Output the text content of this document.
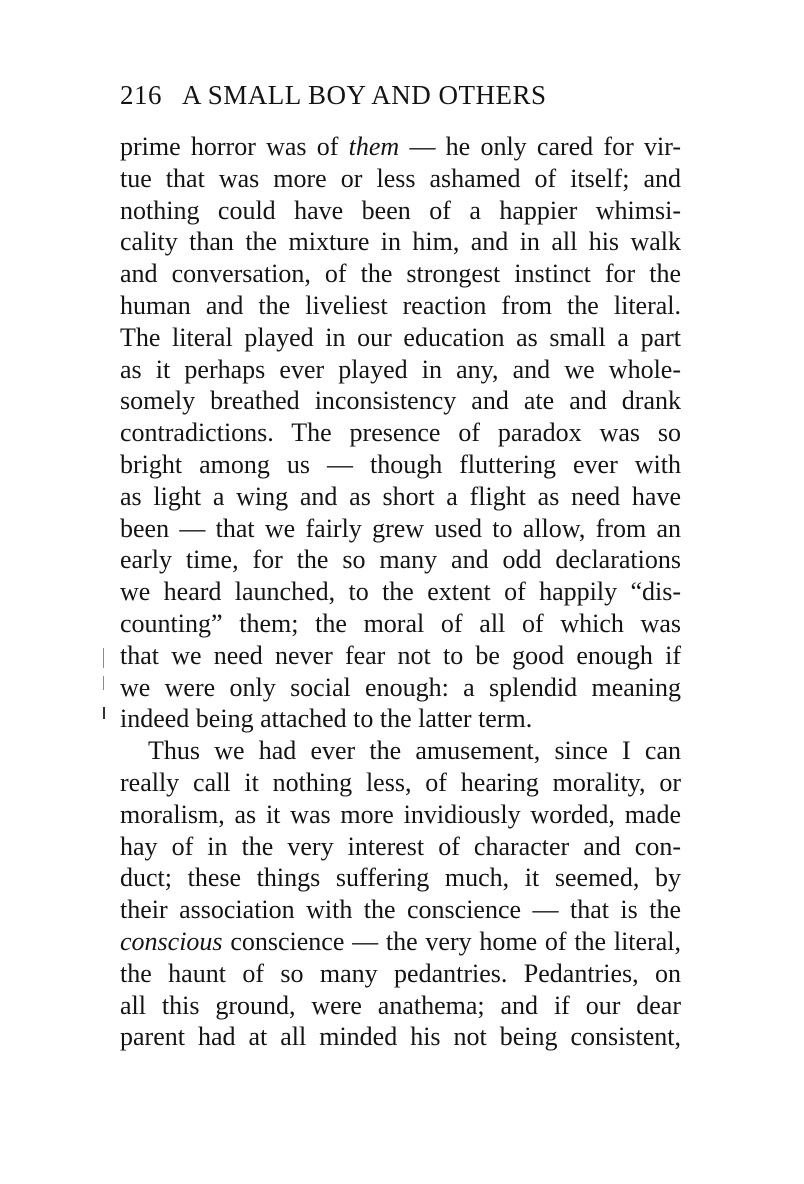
216 A SMALL BOY AND OTHERS
prime horror was of them — he only cared for vir-
tue that was more or less ashamed of itself; and
nothing could have been of a happier whimsi-
cality than the mixture in him, and in all his walk
and conversation, of the strongest instinct for the
human and the liveliest reaction from the literal.
The literal played in our education as small a part
as it perhaps ever played in any, and we whole-
somely breathed inconsistency and ate and drank
contradictions. The presence of paradox was so
bright among us — though fluttering ever with
as light a wing and as short a flight as need have
been — that we fairly grew used to allow, from an
early time, for the so many and odd declarations
we heard launched, to the extent of happily “dis-
counting” them; the moral of all of which was
that we need never fear not to be good enough if
we were only social enough: a splendid meaning
indeed being attached to the latter term.
Thus we had ever the amusement, since I can
really call it nothing less, of hearing morality, or
moralism, as it was more invidiously worded, made
hay of in the very interest of character and con-
duct; these things suffering much, it seemed, by
their association with the conscience — that is the
conscious conscience — the very home of the literal,
the haunt of so many pedantries. Pedantries, on
all this ground, were anathema; and if our dear
parent had at all minded his not being consistent,
